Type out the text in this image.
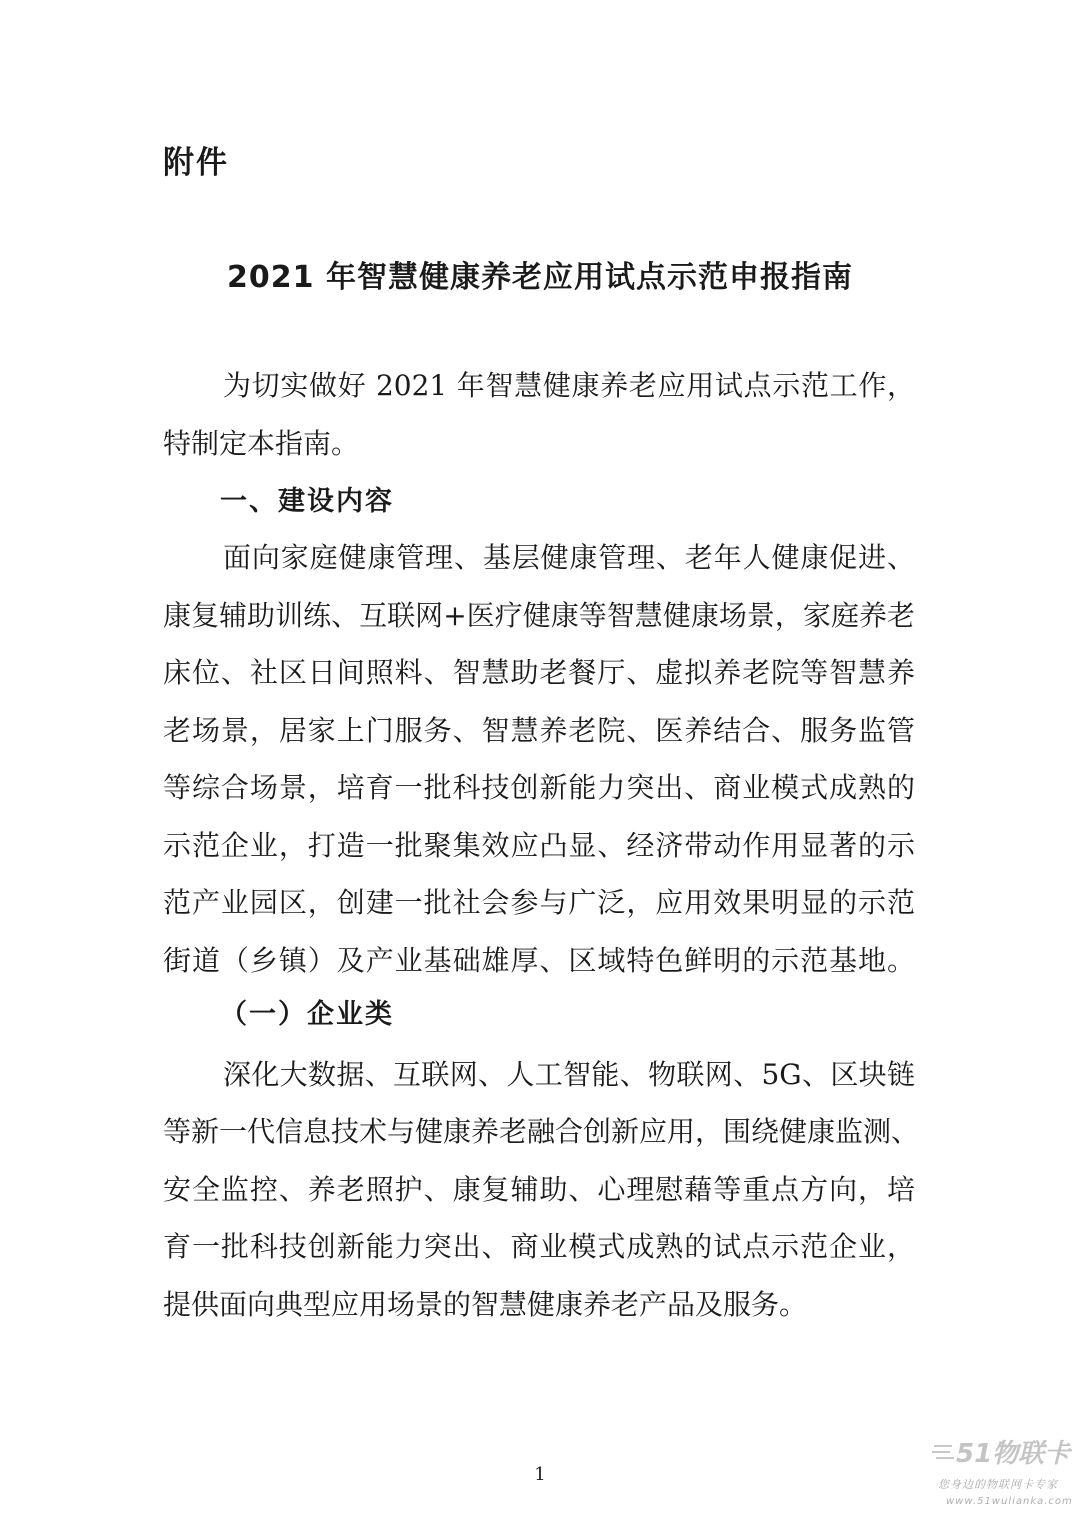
附件
2021 年智慧健康养老应用试点示范申报指南
为切实做好 2021 年智慧健康养老应用试点示范工作，
特制定本指南。
一、建设内容
面向家庭健康管理、基层健康管理、老年人健康促进、
康复辅助训练、互联网+医疗健康等智慧健康场景，家庭养老
床位、社区日间照料、智慧助老餐厅、虚拟养老院等智慧养
老场景，居家上门服务、智慧养老院、医养结合、服务监管
等综合场景，培育一批科技创新能力突出、商业模式成熟的
示范企业，打造一批聚集效应凸显、经济带动作用显著的示
范产业园区，创建一批社会参与广泛，应用效果明显的示范
街道（乡镇）及产业基础雄厚、区域特色鲜明的示范基地。
（一）企业类
深化大数据、互联网、人工智能、物联网、5G、区块链
等新一代信息技术与健康养老融合创新应用，围绕健康监测、
安全监控、养老照护、康复辅助、心理慰藉等重点方向，培
育一批科技创新能力突出、商业模式成熟的试点示范企业，
提供面向典型应用场景的智慧健康养老产品及服务。
1
51物联卡
您身边的物联网卡专家
www.51wulianka.com
